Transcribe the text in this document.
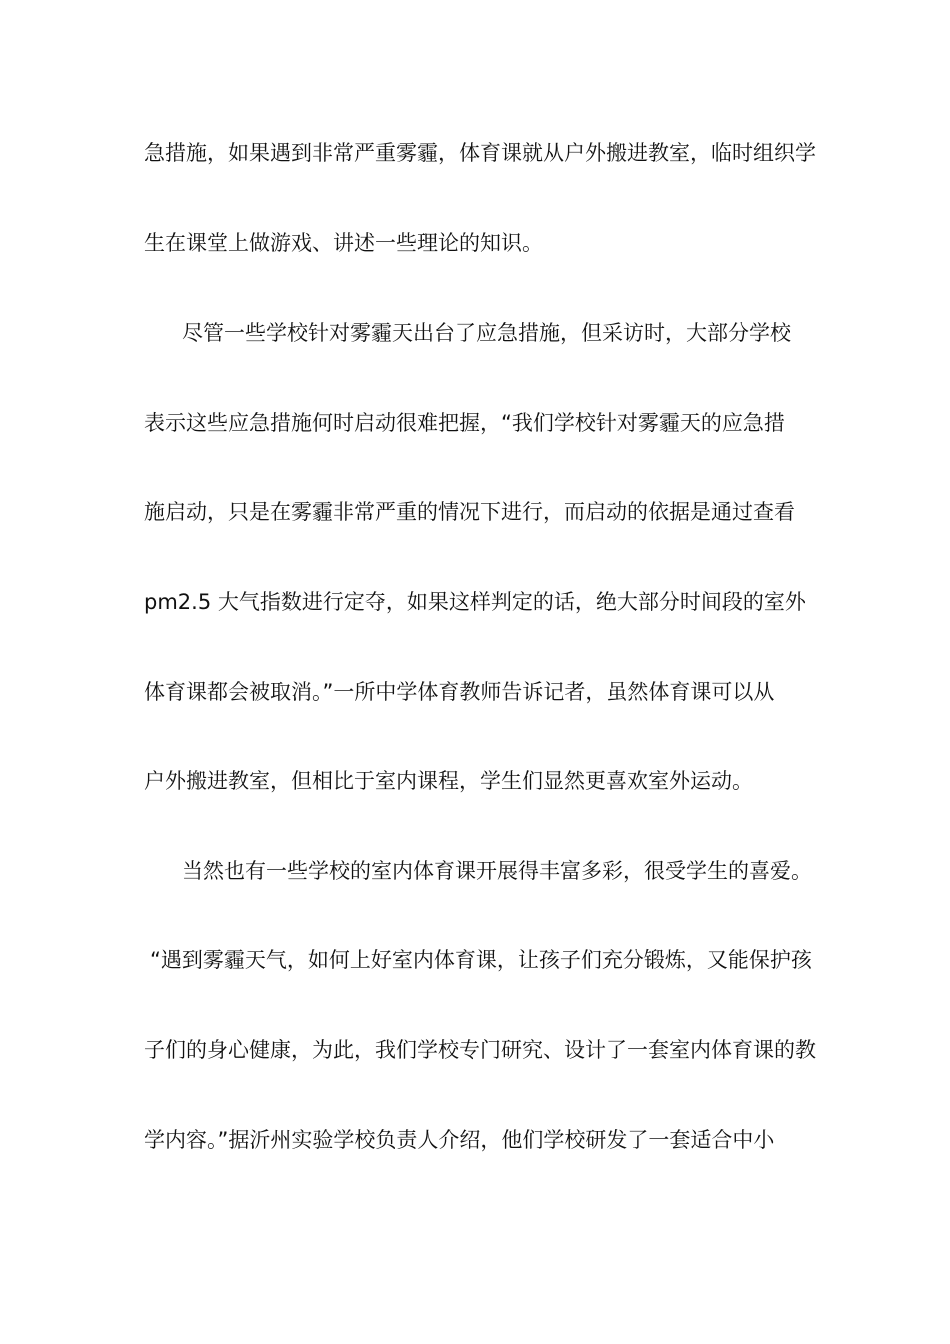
急措施，如果遇到非常严重雾霾，体育课就从户外搬进教室，临时组织学
生在课堂上做游戏、讲述一些理论的知识。
尽管一些学校针对雾霾天出台了应急措施，但采访时，大部分学校
表示这些应急措施何时启动很难把握，“我们学校针对雾霾天的应急措
施启动，只是在雾霾非常严重的情况下进行，而启动的依据是通过查看
pm2.5 大气指数进行定夺，如果这样判定的话，绝大部分时间段的室外
体育课都会被取消。”一所中学体育教师告诉记者，虽然体育课可以从
户外搬进教室，但相比于室内课程，学生们显然更喜欢室外运动。
当然也有一些学校的室内体育课开展得丰富多彩，很受学生的喜爱。
“遇到雾霾天气，如何上好室内体育课，让孩子们充分锻炼，又能保护孩
子们的身心健康，为此，我们学校专门研究、设计了一套室内体育课的教
学内容。”据沂州实验学校负责人介绍，他们学校研发了一套适合中小
